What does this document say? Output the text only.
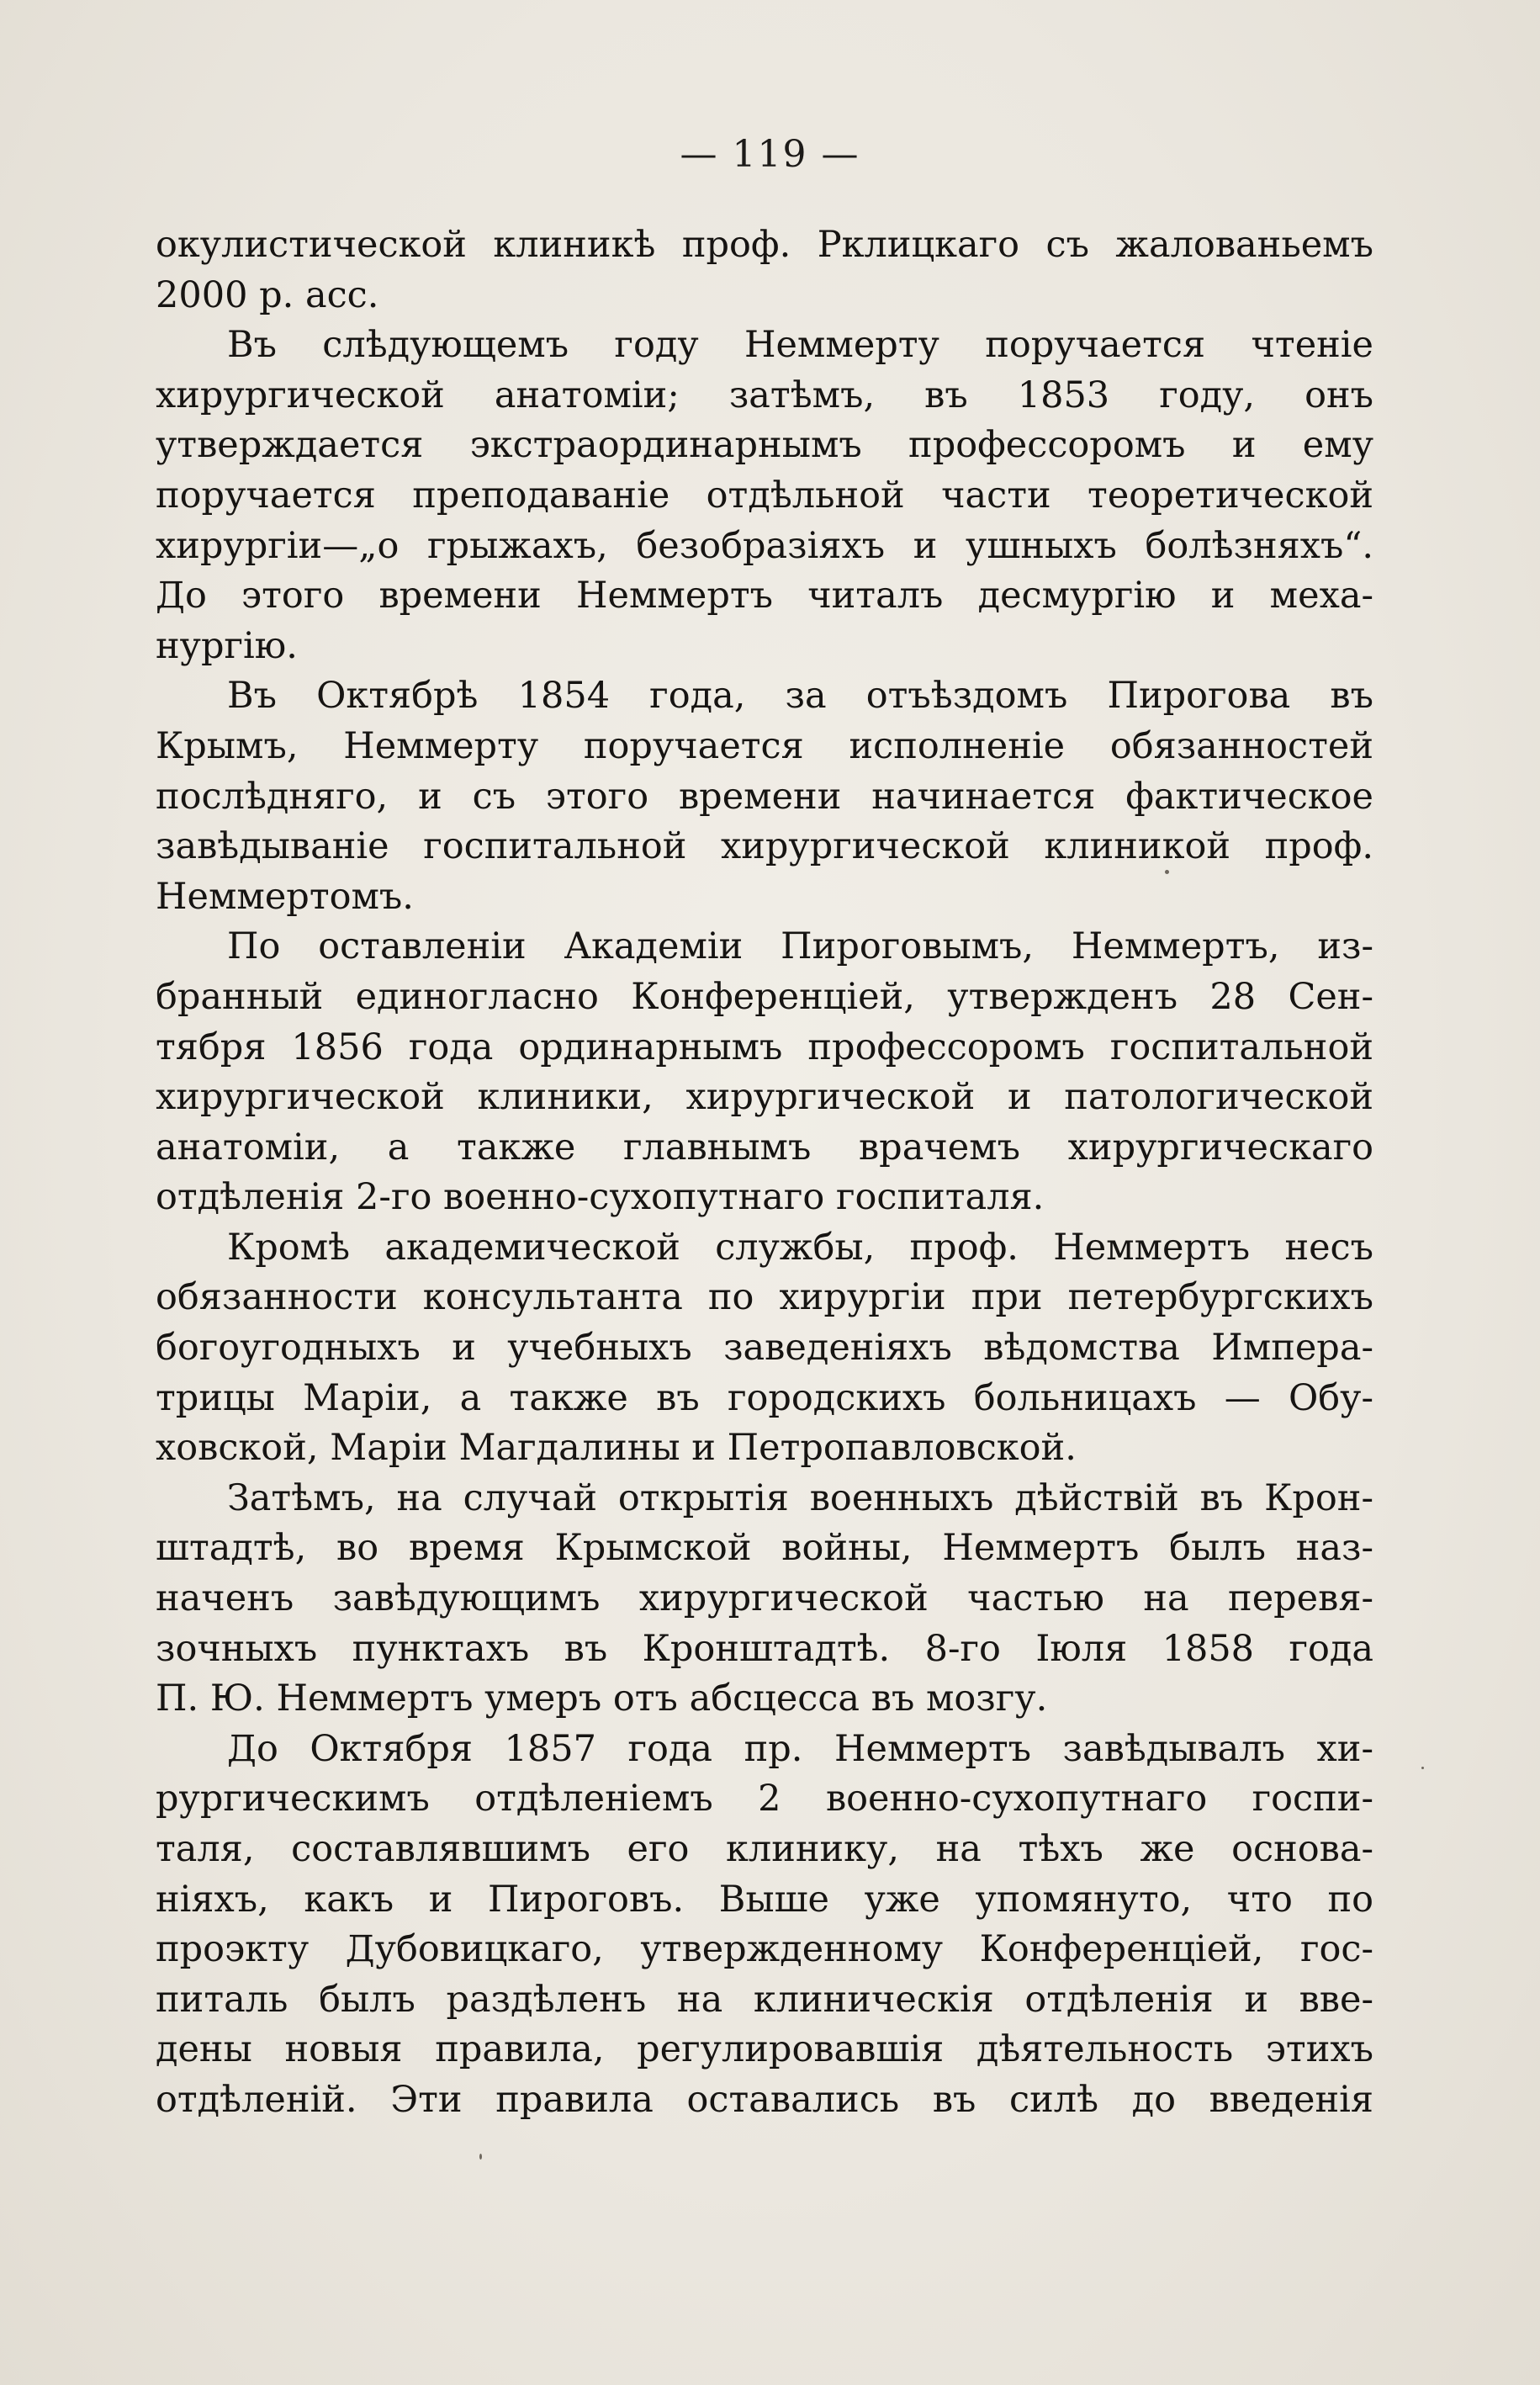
— 119 —

окулистической клиникѣ проф. Рклицкаго съ жалованьемъ

2000 р. асс.

Въ слѣдующемъ году Неммерту поручается чтеніе

хирургической анатоміи; затѣмъ, въ 1853 году, онъ

утверждается экстраординарнымъ профессоромъ и ему

поручается преподаваніе отдѣльной части теоретической

хирургіи—„о грыжахъ, безобразіяхъ и ушныхъ болѣзняхъ“.

До этого времени Неммертъ читалъ десмургію и меха-

нургію.

Въ Октябрѣ 1854 года, за отъѣздомъ Пирогова въ

Крымъ, Неммерту поручается исполненіе обязанностей

послѣдняго, и съ этого времени начинается фактическое

завѣдываніе госпитальной хирургической клиникой проф.

Неммертомъ.

По оставленіи Академіи Пироговымъ, Неммертъ, из-

бранный единогласно Конференціей, утвержденъ 28 Сен-

тября 1856 года ординарнымъ профессоромъ госпитальной

хирургической клиники, хирургической и патологической

анатоміи, а также главнымъ врачемъ хирургическаго

отдѣленія 2-го военно-сухопутнаго госпиталя.

Кромѣ академической службы, проф. Неммертъ несъ

обязанности консультанта по хирургіи при петербургскихъ

богоугодныхъ и учебныхъ заведеніяхъ вѣдомства Импера-

трицы Маріи, а также въ городскихъ больницахъ — Обу-

ховской, Маріи Магдалины и Петропавловской.

Затѣмъ, на случай открытія военныхъ дѣйствій въ Крон-

штадтѣ, во время Крымской войны, Неммертъ былъ наз-

наченъ завѣдующимъ хирургической частью на перевя-

зочныхъ пунктахъ въ Кронштадтѣ. 8-го Іюля 1858 года

П. Ю. Неммертъ умеръ отъ абсцесса въ мозгу.

До Октября 1857 года пр. Неммертъ завѣдывалъ хи-

рургическимъ отдѣленіемъ 2 военно-сухопутнаго госпи-

таля, составлявшимъ его клинику, на тѣхъ же основа-

ніяхъ, какъ и Пироговъ. Выше уже упомянуто, что по

проэкту Дубовицкаго, утвержденному Конференціей, гос-

питаль былъ раздѣленъ на клиническія отдѣленія и вве-

дены новыя правила, регулировавшія дѣятельность этихъ

отдѣленій. Эти правила оставались въ силѣ до введенія
